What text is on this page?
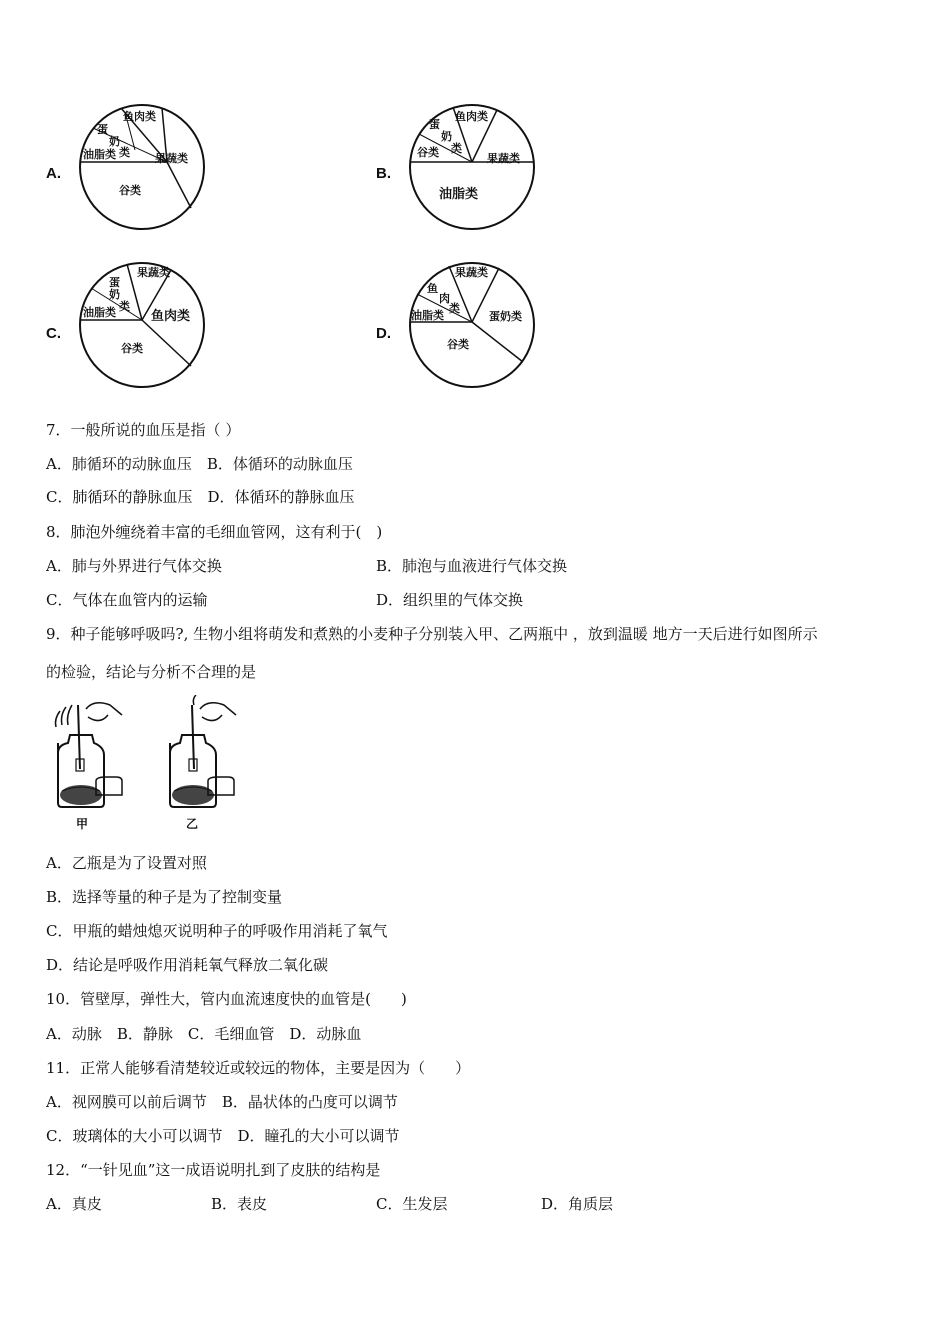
A.
鱼肉类
蛋
奶
类
油脂类	果蔬类
谷类
B.
鱼肉类
蛋
奶
类
谷类	果蔬类
油脂类
C.
果蔬类
蛋
奶
类
油脂类	鱼肉类
谷类
D.
果蔬类
鱼
肉
类
油脂类	蛋奶类
谷类
7．一般所说的血压是指（ ）
A．肺循环的动脉血压　B．体循环的动脉血压
C．肺循环的静脉血压　D．体循环的静脉血压
8．肺泡外缠绕着丰富的毛细血管网，这有利于(　)
A．肺与外界进行气体交换	B．肺泡与血液进行气体交换
C．气体在血管内的运输	D．组织里的气体交换
9．种子能够呼吸吗?, 生物小组将萌发和煮熟的小麦种子分别装入甲、乙两瓶中 ，放到温暖 地方一天后进行如图所示
的检验，结论与分析不合理的是
甲	乙
A．乙瓶是为了设置对照
B．选择等量的种子是为了控制变量
C．甲瓶的蜡烛熄灭说明种子的呼吸作用消耗了氧气
D．结论是呼吸作用消耗氧气释放二氧化碳
10．管壁厚，弹性大，管内血流速度快的血管是(　　)
A．动脉　B．静脉　C．毛细血管　D．动脉血
11．正常人能够看清楚较近或较远的物体，主要是因为（　　）
A．视网膜可以前后调节　B．晶状体的凸度可以调节
C．玻璃体的大小可以调节　D．瞳孔的大小可以调节
12．“一针见血”这一成语说明扎到了皮肤的结构是
A．真皮	B．表皮	C．生发层	D．角质层
